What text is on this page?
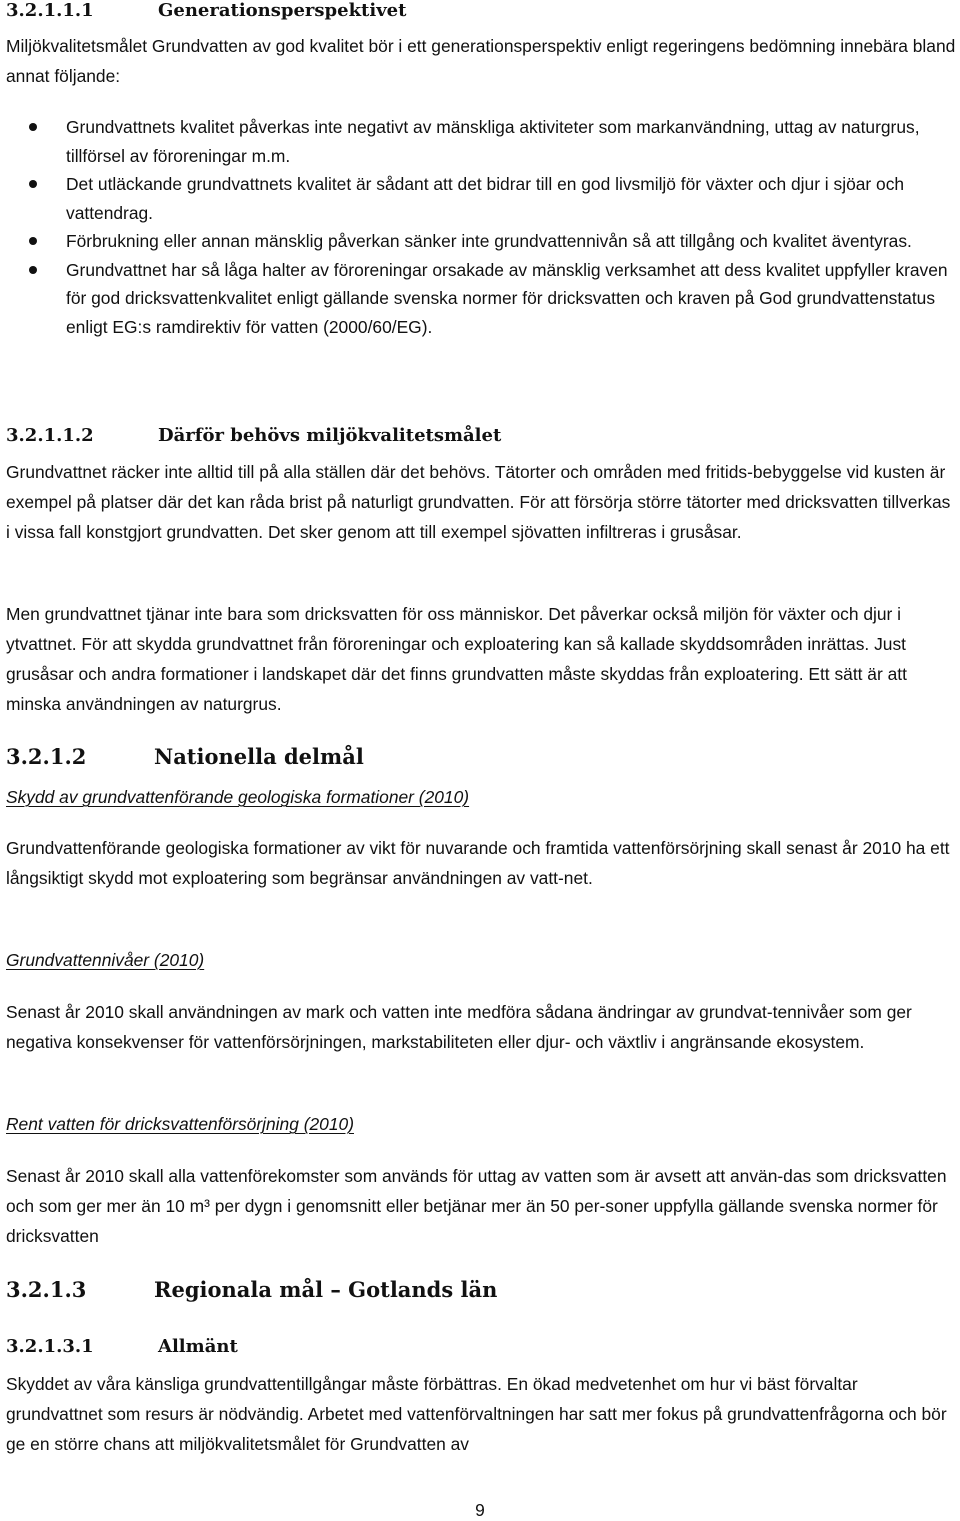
3.2.1.1.1	Generationsperspektivet

Miljökvalitetsmålet Grundvatten av god kvalitet bör i ett generationsperspektiv enligt regeringens bedömning innebära bland annat följande:

Grundvattnets kvalitet påverkas inte negativt av mänskliga aktiviteter som markanvändning, uttag av naturgrus, tillförsel av föroreningar m.m.
Det utläckande grundvattnets kvalitet är sådant att det bidrar till en god livsmiljö för växter och djur i sjöar och vattendrag.
Förbrukning eller annan mänsklig påverkan sänker inte grundvattennivån så att tillgång och kvalitet äventyras.
Grundvattnet har så låga halter av föroreningar orsakade av mänsklig verksamhet att dess kvalitet uppfyller kraven för god dricksvattenkvalitet enligt gällande svenska normer för dricksvatten och kraven på God grundvattenstatus enligt EG:s ramdirektiv för vatten (2000/60/EG).
3.2.1.1.2	Därför behövs miljökvalitetsmålet

Grundvattnet räcker inte alltid till på alla ställen där det behövs. Tätorter och områden med fritids-bebyggelse vid kusten är exempel på platser där det kan råda brist på naturligt grundvatten. För att försörja större tätorter med dricksvatten tillverkas i vissa fall konstgjort grundvatten. Det sker genom att till exempel sjövatten infiltreras i grusåsar.

Men grundvattnet tjänar inte bara som dricksvatten för oss människor. Det påverkar också miljön för växter och djur i ytvattnet. För att skydda grundvattnet från föroreningar och exploatering kan så kallade skyddsområden inrättas. Just grusåsar och andra formationer i landskapet där det finns grundvatten måste skyddas från exploatering. Ett sätt är att minska användningen av naturgrus.

3.2.1.2	Nationella delmål

Skydd av grundvattenförande geologiska formationer (2010)

Grundvattenförande geologiska formationer av vikt för nuvarande och framtida vattenförsörjning skall senast år 2010 ha ett långsiktigt skydd mot exploatering som begränsar användningen av vatt-net.

Grundvattennivåer (2010)

Senast år 2010 skall användningen av mark och vatten inte medföra sådana ändringar av grundvat-tennivåer som ger negativa konsekvenser för vattenförsörjningen, markstabiliteten eller djur- och växtliv i angränsande ekosystem.

Rent vatten för dricksvattenförsörjning (2010)

Senast år 2010 skall alla vattenförekomster som används för uttag av vatten som är avsett att använ-das som dricksvatten och som ger mer än 10 m³ per dygn i genomsnitt eller betjänar mer än 50 per-soner uppfylla gällande svenska normer för dricksvatten

3.2.1.3	Regionala mål – Gotlands län
3.2.1.3.1	Allmänt

Skyddet av våra känsliga grundvattentillgångar måste förbättras. En ökad medvetenhet om hur vi bäst förvaltar grundvattnet som resurs är nödvändig. Arbetet med vattenförvaltningen har satt mer fokus på grundvattenfrågorna och bör ge en större chans att miljökvalitetsmålet för Grundvatten av

9
